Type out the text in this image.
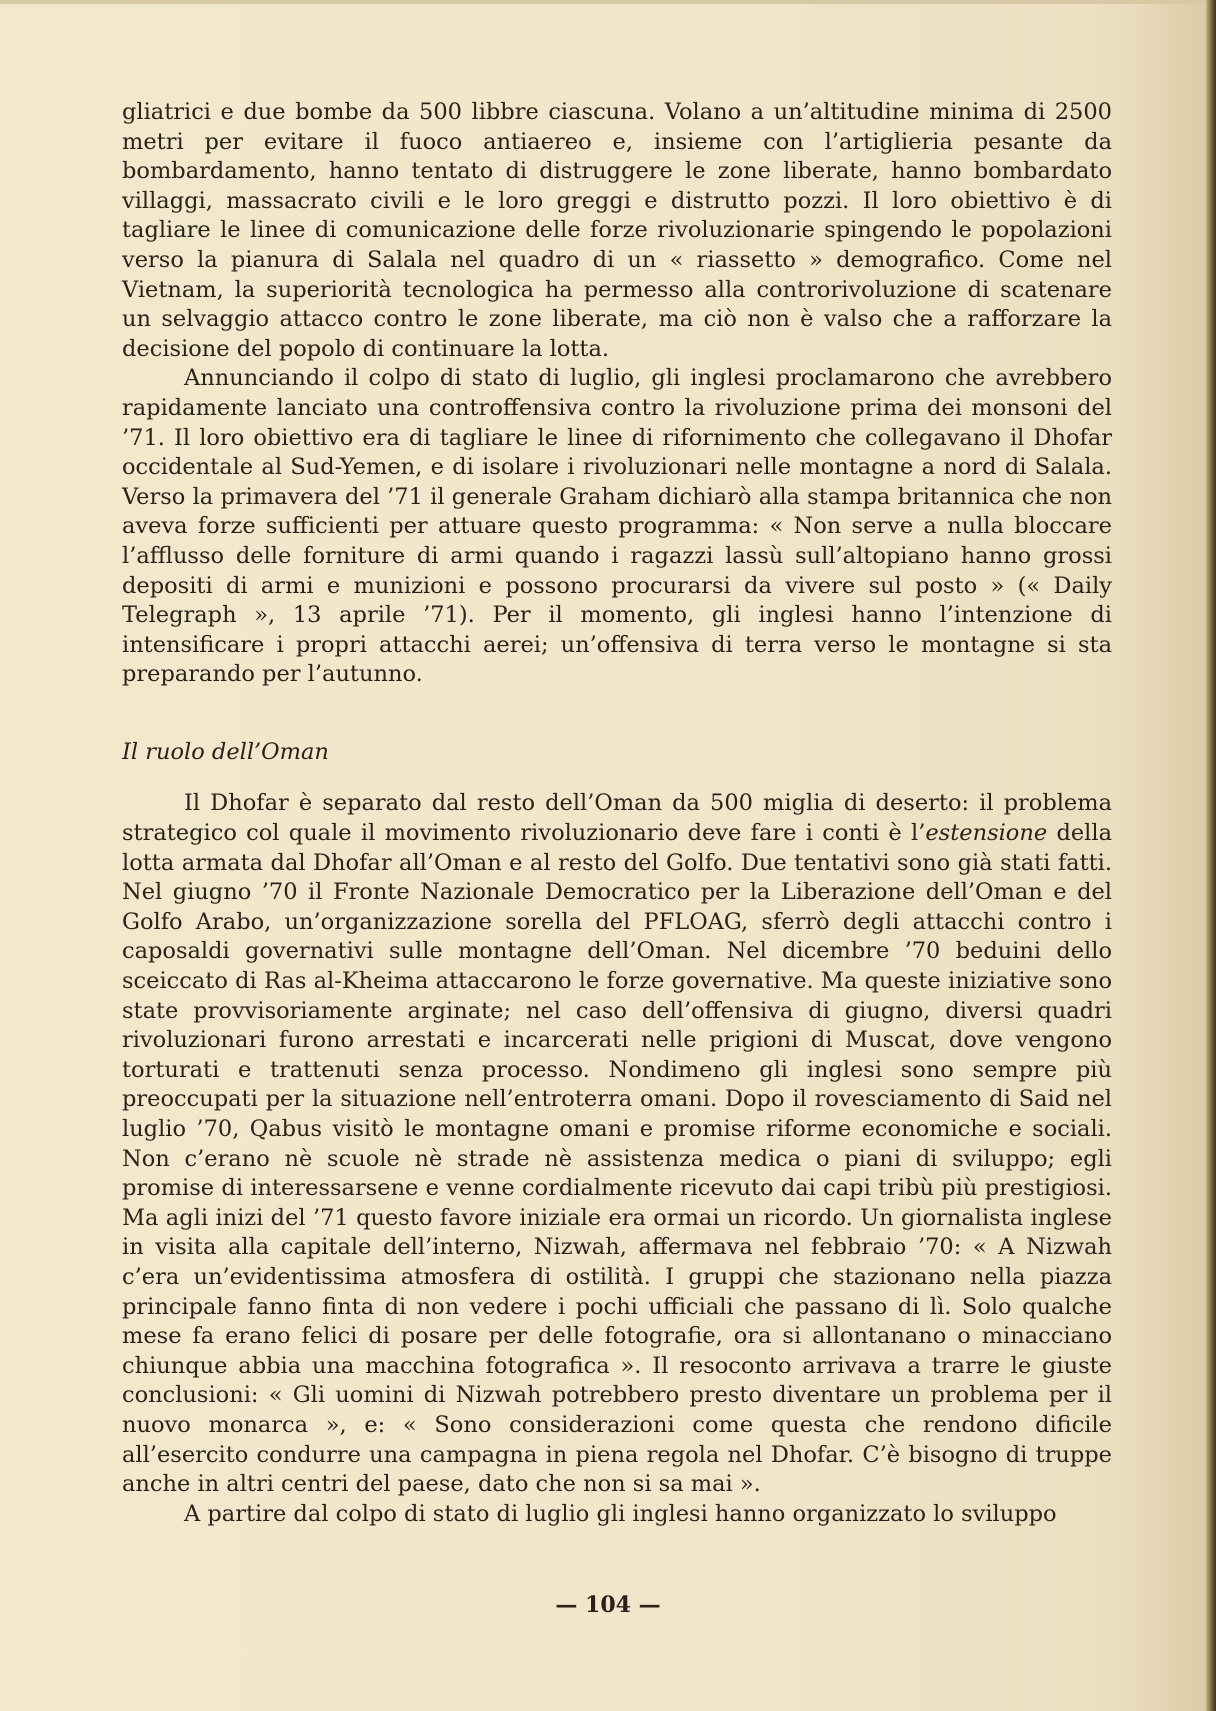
gliatrici e due bombe da 500 libbre ciascuna. Volano a un’altitudine minima di 2500 metri per evitare il fuoco antiaereo e, insieme con l’artiglieria pesante da bombardamento, hanno tentato di distruggere le zone liberate, hanno bombardato villaggi, massacrato civili e le loro greggi e distrutto pozzi. Il loro obiettivo è di tagliare le linee di comunicazione delle forze rivoluzionarie spingendo le popolazioni verso la pianura di Salala nel quadro di un « riassetto » demografico. Come nel Vietnam, la superiorità tecnologica ha permesso alla controrivoluzione di scatenare un selvaggio attacco contro le zone liberate, ma ciò non è valso che a rafforzare la decisione del popolo di continuare la lotta.

Annunciando il colpo di stato di luglio, gli inglesi proclamarono che avrebbero rapidamente lanciato una controffensiva contro la rivoluzione prima dei monsoni del ’71. Il loro obiettivo era di tagliare le linee di rifornimento che collegavano il Dhofar occidentale al Sud-Yemen, e di isolare i rivoluzionari nelle montagne a nord di Salala. Verso la primavera del ’71 il generale Graham dichiarò alla stampa britannica che non aveva forze sufficienti per attuare questo programma: « Non serve a nulla bloccare l’afflusso delle forniture di armi quando i ragazzi lassù sull’altopiano hanno grossi depositi di armi e munizioni e possono procurarsi da vivere sul posto » (« Daily Telegraph », 13 aprile ’71). Per il momento, gli inglesi hanno l’intenzione di intensificare i propri attacchi aerei; un’offensiva di terra verso le montagne si sta preparando per l’autunno.

Il ruolo dell’Oman

Il Dhofar è separato dal resto dell’Oman da 500 miglia di deserto: il problema strategico col quale il movimento rivoluzionario deve fare i conti è l’estensione della lotta armata dal Dhofar all’Oman e al resto del Golfo. Due tentativi sono già stati fatti. Nel giugno ’70 il Fronte Nazionale Democratico per la Liberazione dell’Oman e del Golfo Arabo, un’organizzazione sorella del PFLOAG, sferrò degli attacchi contro i caposaldi governativi sulle montagne dell’Oman. Nel dicembre ’70 beduini dello sceiccato di Ras al-Kheima attaccarono le forze governative. Ma queste iniziative sono state provvisoriamente arginate; nel caso dell’offensiva di giugno, diversi quadri rivoluzionari furono arrestati e incarcerati nelle prigioni di Muscat, dove vengono torturati e trattenuti senza processo. Nondimeno gli inglesi sono sempre più preoccupati per la situazione nell’entroterra omani. Dopo il rovesciamento di Said nel luglio ’70, Qabus visitò le montagne omani e promise riforme economiche e sociali. Non c’erano nè scuole nè strade nè assistenza medica o piani di sviluppo; egli promise di interessarsene e venne cordialmente ricevuto dai capi tribù più prestigiosi. Ma agli inizi del ’71 questo favore iniziale era ormai un ricordo. Un giornalista inglese in visita alla capitale dell’interno, Nizwah, affermava nel febbraio ’70: « A Nizwah c’era un’evidentissima atmosfera di ostilità. I gruppi che stazionano nella piazza principale fanno finta di non vedere i pochi ufficiali che passano di lì. Solo qualche mese fa erano felici di posare per delle fotografie, ora si allontanano o minacciano chiunque abbia una macchina fotografica ». Il resoconto arrivava a trarre le giuste conclusioni: « Gli uomini di Nizwah potrebbero presto diventare un problema per il nuovo monarca », e: « Sono considerazioni come questa che rendono dificile all’esercito condurre una campagna in piena regola nel Dhofar. C’è bisogno di truppe anche in altri centri del paese, dato che non si sa mai ».

A partire dal colpo di stato di luglio gli inglesi hanno organizzato lo sviluppo

— 104 —
